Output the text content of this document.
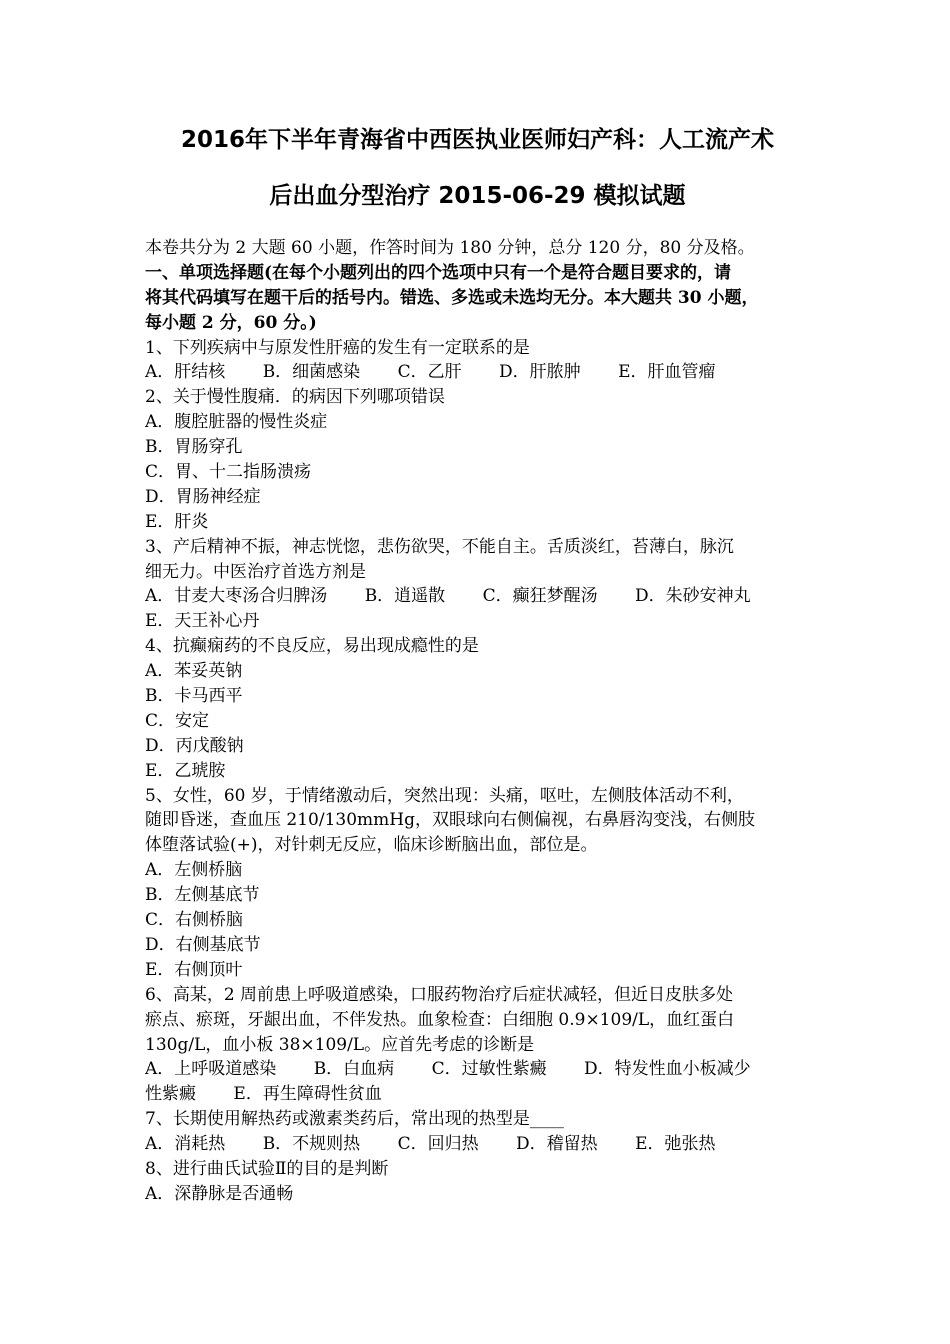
2016年下半年青海省中西医执业医师妇产科：人工流产术
后出血分型治疗 2015-06-29 模拟试题
本卷共分为 2 大题 60 小题，作答时间为 180 分钟，总分 120 分，80 分及格。
一、单项选择题(在每个小题列出的四个选项中只有一个是符合题目要求的，请
将其代码填写在题干后的括号内。错选、多选或未选均无分。本大题共 30 小题，
每小题 2 分，60 分。)
1、下列疾病中与原发性肝癌的发生有一定联系的是
A．肝结核 B．细菌感染 C．乙肝 D．肝脓肿 E．肝血管瘤
2、关于慢性腹痛．的病因下列哪项错误
A．腹腔脏器的慢性炎症
B．胃肠穿孔
C．胃、十二指肠溃疡
D．胃肠神经症
E．肝炎
3、产后精神不振，神志恍惚，悲伤欲哭，不能自主。舌质淡红，苔薄白，脉沉
细无力。中医治疗首选方剂是
A．甘麦大枣汤合归脾汤 B．逍遥散 C．癫狂梦醒汤 D．朱砂安神丸
E．天王补心丹
4、抗癫痫药的不良反应，易出现成瘾性的是
A．苯妥英钠
B．卡马西平
C．安定
D．丙戊酸钠
E．乙琥胺
5、女性，60 岁，于情绪激动后，突然出现：头痛，呕吐，左侧肢体活动不利，
随即昏迷，查血压 210/130mmHg，双眼球向右侧偏视，右鼻唇沟变浅，右侧肢
体堕落试验(+)，对针刺无反应，临床诊断脑出血，部位是。
A．左侧桥脑
B．左侧基底节
C．右侧桥脑
D．右侧基底节
E．右侧顶叶
6、高某，2 周前患上呼吸道感染，口服药物治疗后症状减轻，但近日皮肤多处
瘀点、瘀斑，牙龈出血，不伴发热。血象检查：白细胞 0.9×109/L，血红蛋白
130g/L，血小板 38×109/L。应首先考虑的诊断是
A．上呼吸道感染 B．白血病 C．过敏性紫癜 D．特发性血小板减少
性紫癜 E．再生障碍性贫血
7、长期使用解热药或激素类药后，常出现的热型是____
A．消耗热 B．不规则热 C．回归热 D．稽留热 E．弛张热
8、进行曲氏试验Ⅱ的目的是判断
A．深静脉是否通畅
